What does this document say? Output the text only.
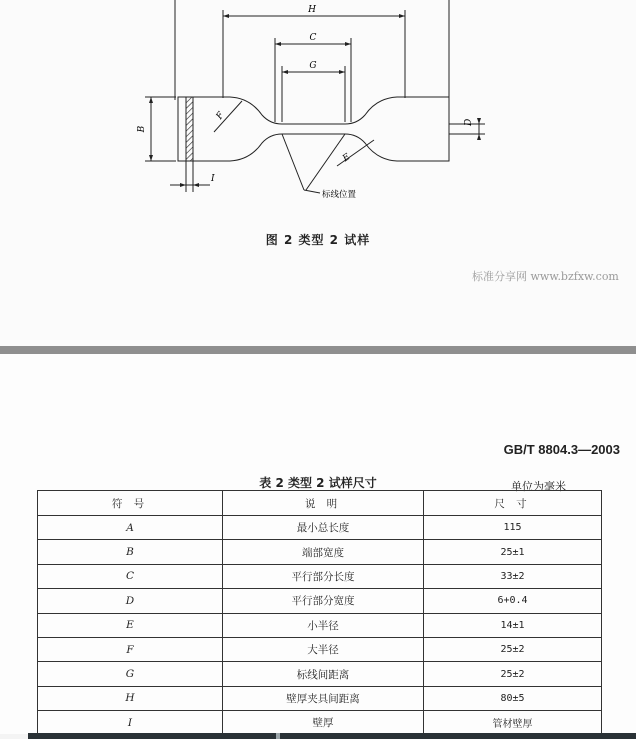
H
C
G
B
F
D
E
I
标线位置
图 2 类型 2 试样
标准分享网 www.bzfxw.com
GB/T 8804.3—2003
表 2 类型 2 试样尺寸	单位为毫米
符 号	说 明	尺 寸
A	最小总长度	115
B	端部宽度	25±1
C	平行部分长度	33±2
D	平行部分宽度	6+0.4
E	小半径	14±1
F	大半径	25±2
G	标线间距离	25±2
H	壁厚夹具间距离	80±5
I	壁厚	管材壁厚
